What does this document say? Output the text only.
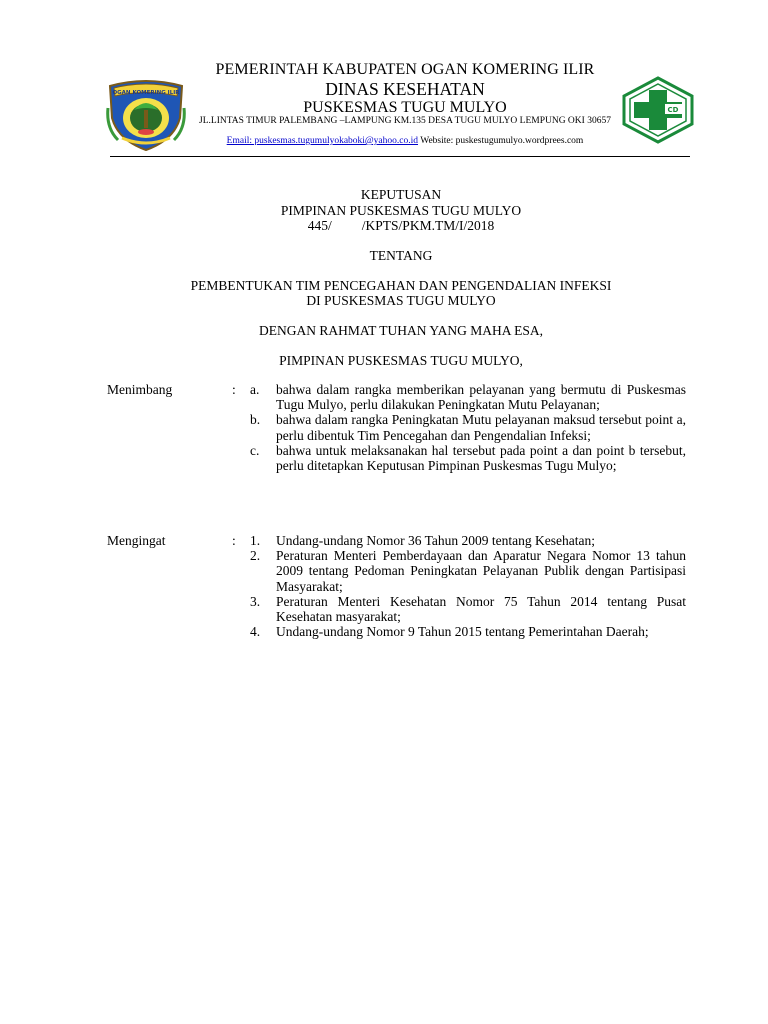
OGAN KOMERING ILIR
CD
PEMERINTAH KABUPATEN OGAN KOMERING ILIR
DINAS KESEHATAN
PUSKESMAS TUGU MULYO
JL.LINTAS TIMUR PALEMBANG –LAMPUNG KM.135 DESA TUGU MULYO LEMPUNG OKI 30657
Email: puskesmas.tugumulyokaboki@yahoo.co.id Website: puskestugumulyo.wordprees.com
KEPUTUSAN
PIMPINAN PUSKESMAS TUGU MULYO
445/ /KPTS/PKM.TM/I/2018
TENTANG
PEMBENTUKAN TIM PENCEGAHAN DAN PENGENDALIAN INFEKSI
DI PUSKESMAS TUGU MULYO
DENGAN RAHMAT TUHAN YANG MAHA ESA,
PIMPINAN PUSKESMAS TUGU MULYO,
Menimbang	: a. bahwa dalam rangka memberikan pelayanan yang bermutu di Puskesmas Tugu Mulyo, perlu dilakukan Peningkatan Mutu Pelayanan;
b. bahwa dalam rangka Peningkatan Mutu pelayanan maksud tersebut point a, perlu dibentuk Tim Pencegahan dan Pengendalian Infeksi;
c. bahwa untuk melaksanakan hal tersebut pada point a dan point b tersebut, perlu ditetapkan Keputusan Pimpinan Puskesmas Tugu Mulyo;
Mengingat	: 1. Undang-undang Nomor 36 Tahun 2009 tentang Kesehatan;
2. Peraturan Menteri Pemberdayaan dan Aparatur Negara Nomor 13 tahun 2009 tentang Pedoman Peningkatan Pelayanan Publik dengan Partisipasi Masyarakat;
3. Peraturan Menteri Kesehatan Nomor 75 Tahun 2014 tentang Pusat Kesehatan masyarakat;
4. Undang-undang Nomor 9 Tahun 2015 tentang Pemerintahan Daerah;
